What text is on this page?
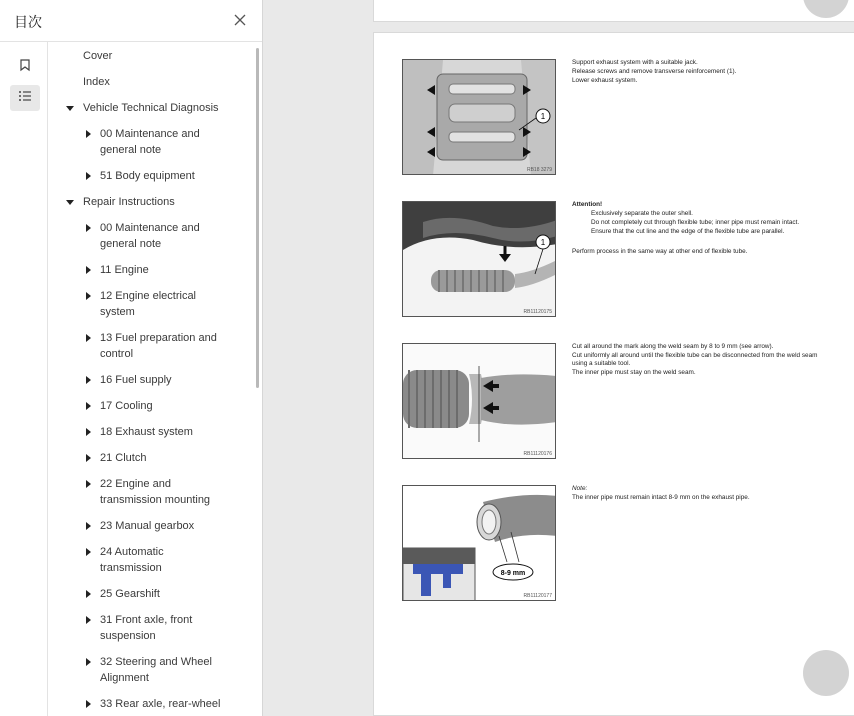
目次
Cover
Index
Vehicle Technical Diagnosis
00 Maintenance and
general note
51 Body equipment
Repair Instructions
00 Maintenance and
general note
11 Engine
12 Engine electrical
system
13 Fuel preparation and
control
16 Fuel supply
17 Cooling
18 Exhaust system
21 Clutch
22 Engine and
transmission mounting
23 Manual gearbox
24 Automatic
transmission
25 Gearshift
31 Front axle, front
suspension
32 Steering and Wheel
Alignment
33 Rear axle, rear-wheel
1
RB18 3279
1
RB11120175
RB11120176
8-9 mm
RB11120177

Support exhaust system with a suitable jack.

Release screws and remove transverse reinforcement (1).

Lower exhaust system.

Attention!

Exclusively separate the outer shell.

Do not completely cut through flexible tube; inner pipe must remain intact.

Ensure that the cut line and the edge of the flexible tube are parallel.

Perform process in the same way at other end of flexible tube.

Cut all around the mark along the weld seam by 8 to 9 mm (see arrow).

Cut uniformly all around until the flexible tube can be disconnected from the weld seam using a suitable tool.

The inner pipe must stay on the weld seam.

Note:

The inner pipe must remain intact 8-9 mm on the exhaust pipe.
